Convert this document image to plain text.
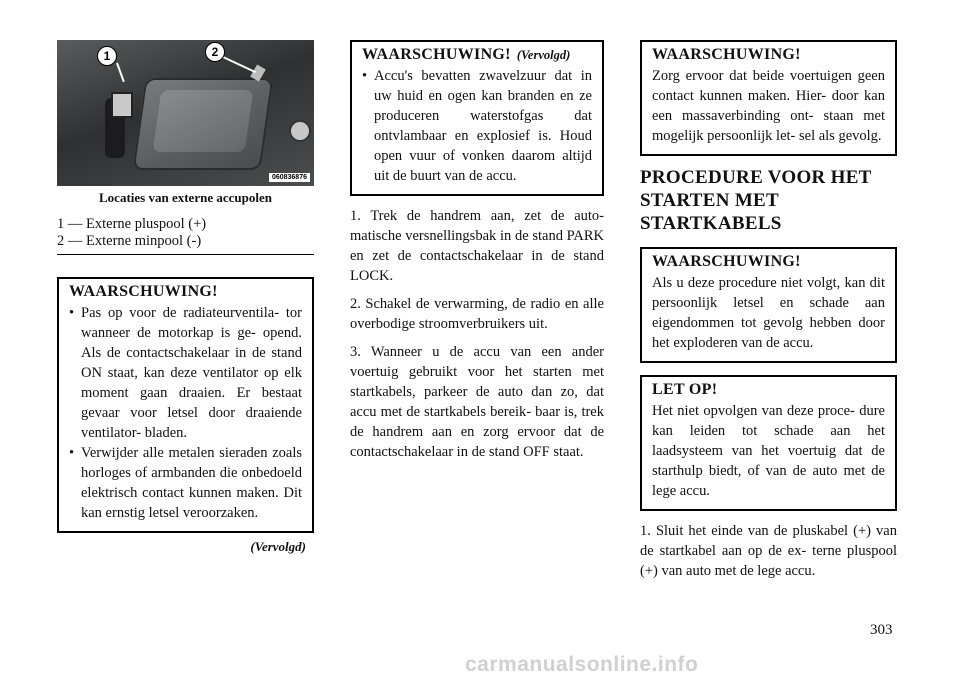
1	2
060836876
Locaties van externe accupolen
1 — Externe pluspool (+)
2 — Externe minpool (-)
WAARSCHUWING!
• Pas op voor de radiateurventila- tor wanneer de motorkap is ge- opend. Als de contactschakelaar in de stand ON staat, kan deze ventilator op elk moment gaan draaien. Er bestaat gevaar voor letsel door draaiende ventilator- bladen.
• Verwijder alle metalen sieraden zoals horloges of armbanden die onbedoeld elektrisch contact kunnen maken. Dit kan ernstig letsel veroorzaken.
(Vervolgd)
WAARSCHUWING! (Vervolgd)
• Accu's bevatten zwavelzuur dat in uw huid en ogen kan branden en ze produceren waterstofgas dat ontvlambaar en explosief is. Houd open vuur of vonken daarom altijd uit de buurt van de accu.

1. Trek de handrem aan, zet de auto- matische versnellingsbak in de stand PARK en zet de contactschakelaar in de stand LOCK.

2. Schakel de verwarming, de radio en alle overbodige stroomverbruikers uit.

3. Wanneer u de accu van een ander voertuig gebruikt voor het starten met startkabels, parkeer de auto dan zo, dat accu met de startkabels bereik- baar is, trek de handrem aan en zorg ervoor dat de contactschakelaar in de stand OFF staat.

WAARSCHUWING!

Zorg ervoor dat beide voertuigen geen contact kunnen maken. Hier- door kan een massaverbinding ont- staan met mogelijk persoonlijk let- sel als gevolg.

PROCEDURE VOOR HET STARTEN MET STARTKABELS
WAARSCHUWING!

Als u deze procedure niet volgt, kan dit persoonlijk letsel en schade aan eigendommen tot gevolg hebben door het exploderen van de accu.

LET OP!

Het niet opvolgen van deze proce- dure kan leiden tot schade aan het laadsysteem van het voertuig dat de starthulp biedt, of van de auto met de lege accu.

1. Sluit het einde van de pluskabel (+) van de startkabel aan op de ex- terne pluspool (+) van auto met de lege accu.

303
carmanualsonline.info
